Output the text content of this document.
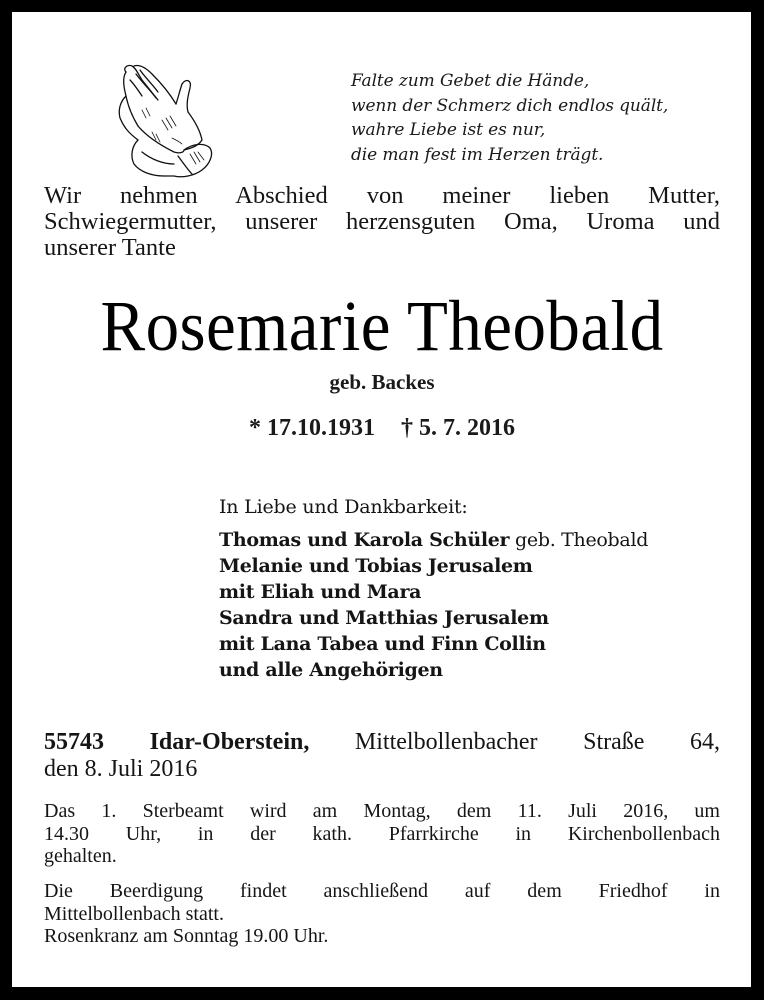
Falte zum Gebet die Hände,
wenn der Schmerz dich endlos quält,
wahre Liebe ist es nur,
die man fest im Herzen trägt.
Wir nehmen Abschied von meiner lieben Mutter,
Schwiegermutter, unserer herzensguten Oma, Uroma und
unserer Tante
Rosemarie Theobald
geb. Backes
* 17.10.1931 † 5. 7. 2016
In Liebe und Dankbarkeit:
Thomas und Karola Schüler geb. Theobald
Melanie und Tobias Jerusalem
mit Eliah und Mara
Sandra und Matthias Jerusalem
mit Lana Tabea und Finn Collin
und alle Angehörigen
55743 Idar-Oberstein, Mittelbollenbacher Straße 64,
den 8. Juli 2016
Das 1. Sterbeamt wird am Montag, dem 11. Juli 2016, um
14.30 Uhr, in der kath. Pfarrkirche in Kirchenbollenbach
gehalten.
Die Beerdigung findet anschließend auf dem Friedhof in
Mittelbollenbach statt.
Rosenkranz am Sonntag 19.00 Uhr.
